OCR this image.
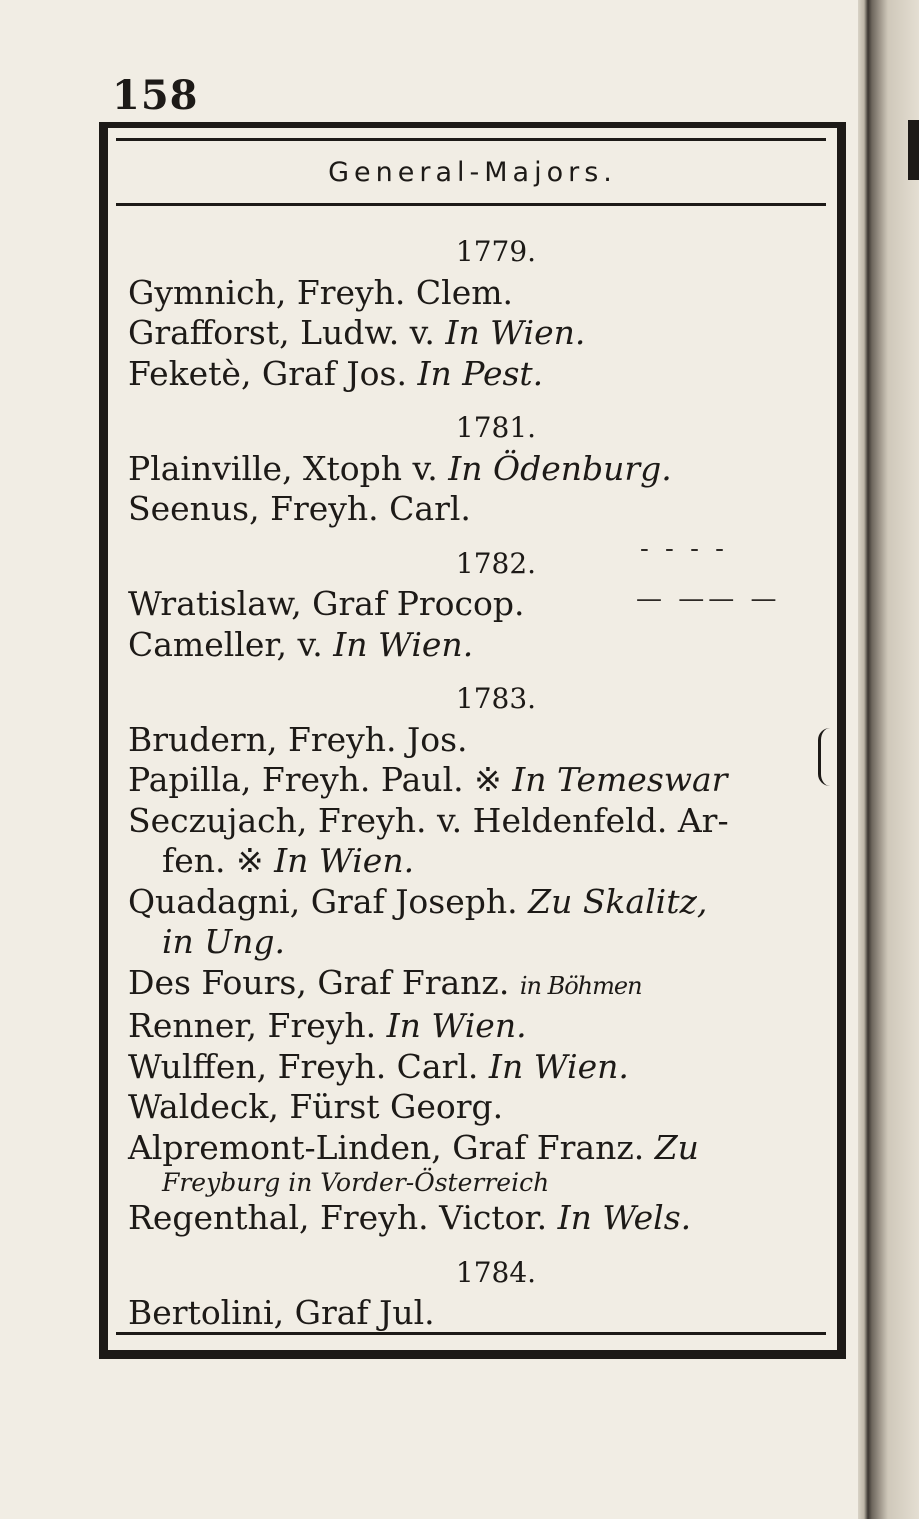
158
General-Majors.
1779.
Gymnich, Freyh. Clem.
Grafforst, Ludw. v. In Wien.
Feketè, Graf Jos. In Pest.
1781.
Plainville, Xtoph v. In Ödenburg.
Seenus, Freyh. Carl.
1782.
Wratislaw, Graf Procop.
Cameller, v. In Wien.
1783.
Brudern, Freyh. Jos.
Papilla, Freyh. Paul. ※ In Temeswar
Seczujach, Freyh. v. Heldenfeld. Ar-
fen. ※ In Wien.
Quadagni, Graf Joseph. Zu Skalitz,
in Ung.
Des Fours, Graf Franz. in Böhmen
Renner, Freyh. In Wien.
Wulffen, Freyh. Carl. In Wien.
Waldeck, Fürst Georg.
Alpremont-Linden, Graf Franz. Zu
Freyburg in Vorder-Österreich
Regenthal, Freyh. Victor. In Wels.
1784.
Bertolini, Graf Jul.
- - - -
— —— —
